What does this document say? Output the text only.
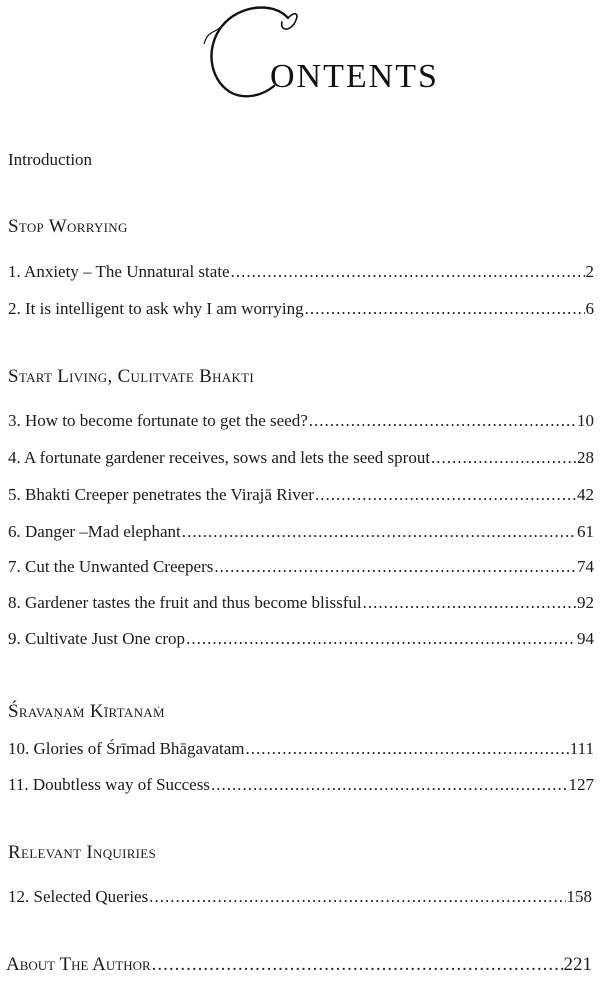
ONTENTS
Introduction
Stop Worrying
1. Anxiety – The Unnatural state .....	2
2. It is intelligent to ask why I am worrying .....	6
Start Living, Culitvate Bhakti
3. How to become fortunate to get the seed? .....	10
4. A fortunate gardener receives, sows and lets the seed sprout .....	28
5. Bhakti Creeper penetrates the Virajā River .....	42
6. Danger –Mad elephant .....	61
7. Cut the Unwanted Creepers .....	74
8. Gardener tastes the fruit and thus become blissful .....	92
9. Cultivate Just One crop .....	94
Śravaṇaṁ Kīrtanaṁ
10. Glories of Śrīmad Bhāgavatam .....	111
11. Doubtless way of Success .....	127
Relevant Inquiries
12. Selected Queries .....	158
About The Author .....	221
